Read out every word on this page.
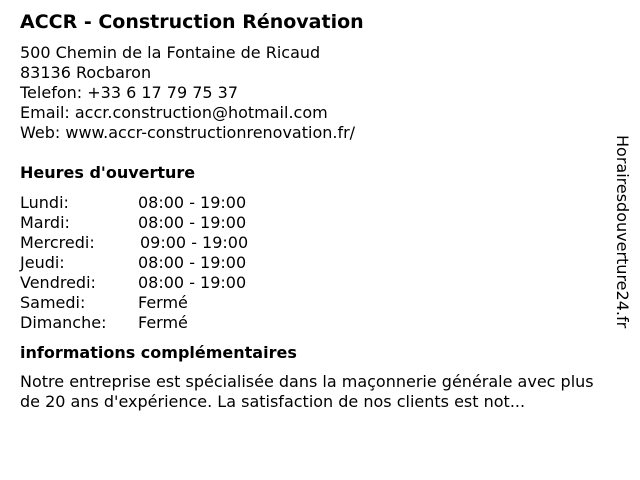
ACCR - Construction Rénovation
500 Chemin de la Fontaine de Ricaud
83136 Rocbaron
Telefon: +33 6 17 79 75 37
Email: accr.construction@hotmail.com
Web: www.accr-constructionrenovation.fr/
Heures d'ouverture
Lundi:	08:00 - 19:00
Mardi:	08:00 - 19:00
Mercredi:	09:00 - 19:00
Jeudi:	08:00 - 19:00
Vendredi:	08:00 - 19:00
Samedi:	Fermé
Dimanche:	Fermé
informations complémentaires
Notre entreprise est spécialisée dans la maçonnerie générale avec plus de 20 ans d'expérience. La satisfaction de nos clients est not...
Horairesdouverture24.fr
